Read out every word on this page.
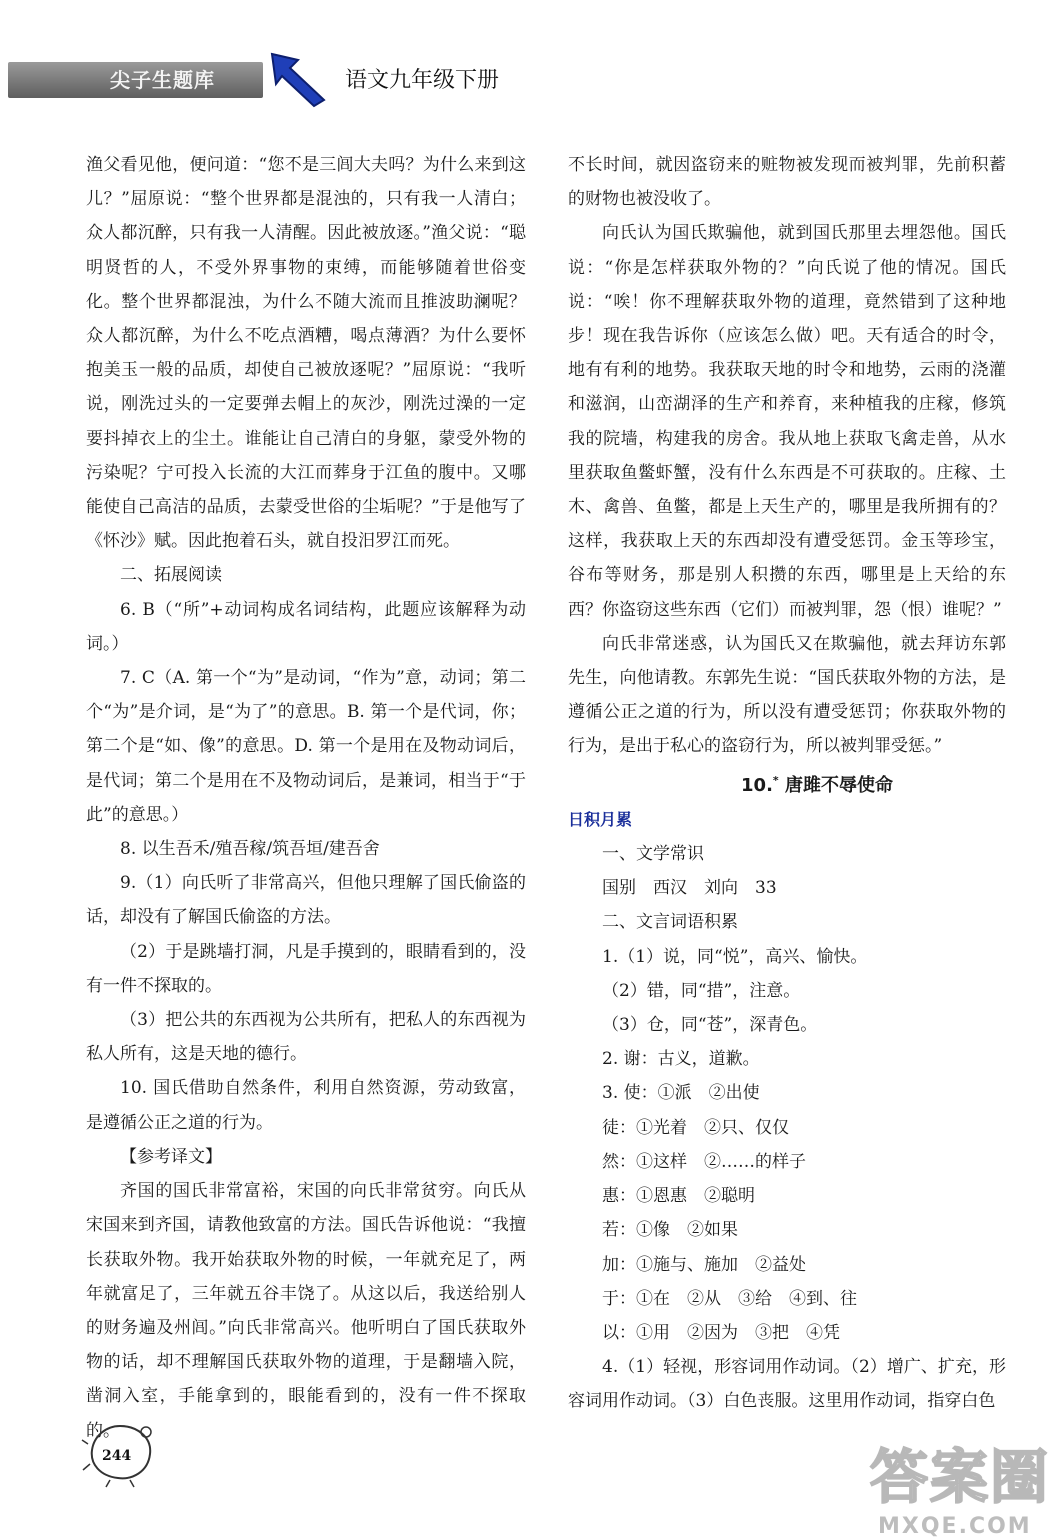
尖子生题库	语文九年级下册

渔父看见他，便问道：“您不是三闾大夫吗？为什么来到这儿？”屈原说：“整个世界都是混浊的，只有我一人清白；众人都沉醉，只有我一人清醒。因此被放逐。”渔父说：“聪明贤哲的人，不受外界事物的束缚，而能够随着世俗变化。整个世界都混浊，为什么不随大流而且推波助澜呢？众人都沉醉，为什么不吃点酒糟，喝点薄酒？为什么要怀抱美玉一般的品质，却使自己被放逐呢？”屈原说：“我听说，刚洗过头的一定要弹去帽上的灰沙，刚洗过澡的一定要抖掉衣上的尘土。谁能让自己清白的身躯，蒙受外物的污染呢？宁可投入长流的大江而葬身于江鱼的腹中。又哪能使自己高洁的品质，去蒙受世俗的尘垢呢？”于是他写了《怀沙》赋。因此抱着石头，就自投汨罗江而死。

二、拓展阅读

6. B（“所”+动词构成名词结构，此题应该解释为动词。）

7. C（A. 第一个“为”是动词，“作为”意，动词；第二个“为”是介词，是“为了”的意思。B. 第一个是代词，你；第二个是“如、像”的意思。D. 第一个是用在及物动词后，是代词；第二个是用在不及物动词后，是兼词，相当于“于此”的意思。）

8. 以生吾禾/殖吾稼/筑吾垣/建吾舍

9.（1）向氏听了非常高兴，但他只理解了国氏偷盗的话，却没有了解国氏偷盗的方法。

（2）于是跳墙打洞，凡是手摸到的，眼睛看到的，没有一件不探取的。

（3）把公共的东西视为公共所有，把私人的东西视为私人所有，这是天地的德行。

10. 国氏借助自然条件，利用自然资源，劳动致富，是遵循公正之道的行为。

【参考译文】

齐国的国氏非常富裕，宋国的向氏非常贫穷。向氏从宋国来到齐国，请教他致富的方法。国氏告诉他说：“我擅长获取外物。我开始获取外物的时候，一年就充足了，两年就富足了，三年就五谷丰饶了。从这以后，我送给别人的财务遍及州闾。”向氏非常高兴。他听明白了国氏获取外物的话，却不理解国氏获取外物的道理，于是翻墙入院，凿洞入室，手能拿到的，眼能看到的，没有一件不探取的。

不长时间，就因盗窃来的赃物被发现而被判罪，先前积蓄的财物也被没收了。

向氏认为国氏欺骗他，就到国氏那里去埋怨他。国氏说：“你是怎样获取外物的？”向氏说了他的情况。国氏说：“唉！你不理解获取外物的道理，竟然错到了这种地步！现在我告诉你（应该怎么做）吧。天有适合的时令，地有有利的地势。我获取天地的时令和地势，云雨的浇灌和滋润，山峦湖泽的生产和养育，来种植我的庄稼，修筑我的院墙，构建我的房舍。我从地上获取飞禽走兽，从水里获取鱼鳖虾蟹，没有什么东西是不可获取的。庄稼、土木、禽兽、鱼鳖，都是上天生产的，哪里是我所拥有的？这样，我获取上天的东西却没有遭受惩罚。金玉等珍宝，谷布等财务，那是别人积攒的东西，哪里是上天给的东西？你盗窃这些东西（它们）而被判罪，怨（恨）谁呢？”

向氏非常迷惑，认为国氏又在欺骗他，就去拜访东郭先生，向他请教。东郭先生说：“国氏获取外物的方法，是遵循公正之道的行为，所以没有遭受惩罚；你获取外物的行为，是出于私心的盗窃行为，所以被判罪受惩。”

10.* 唐雎不辱使命

日积月累

一、文学常识

国别　西汉　刘向　33

二、文言词语积累

1.（1）说，同“悦”，高兴、愉快。

（2）错，同“措”，注意。

（3）仓，同“苍”，深青色。

2. 谢：古义，道歉。

3. 使：①派　②出使

徒：①光着　②只、仅仅

然：①这样　②……的样子

惠：①恩惠　②聪明

若：①像　②如果

加：①施与、施加　②益处

于：①在　②从　③给　④到、往

以：①用　②因为　③把　④凭

4.（1）轻视，形容词用作动词。（2）增广、扩充，形容词用作动词。（3）白色丧服。这里用作动词，指穿白色

244	答案圈
MXQE.COM
